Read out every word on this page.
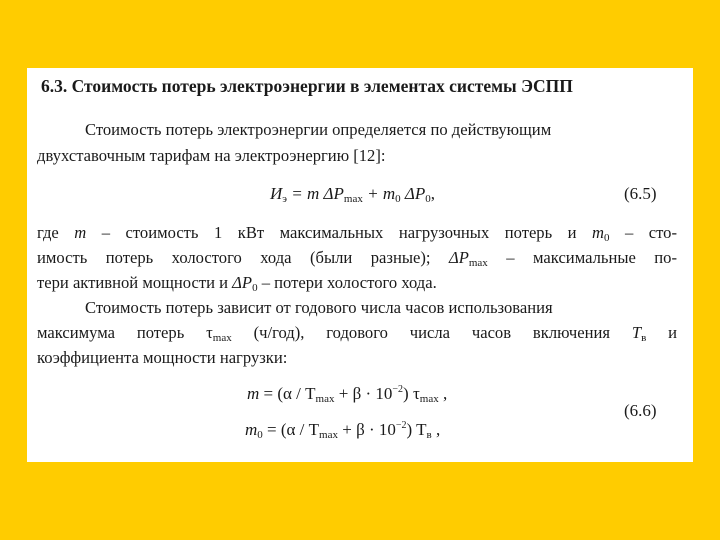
6.3. Стоимость потерь электроэнергии в элементах системы ЭСПП
Стоимость потерь электроэнергии определяется по действующим
двухставочным тарифам на электроэнергию [12]:
$И_э = m$ $\Delta P_{max} + m_0$ $\Delta P_0$,	(6.5)
где m – стоимость 1 кВт максимальных нагрузочных потерь и $m_0 - сто-$
имость потерь холостого хода (были разные); $\Delta P_{max}$ – максимальные по-
тери активной мощности и $\Delta P_0$ – потери холостого хода.
Стоимость потерь зависит от годового числа часов использования
максимума потерь $\tau_{max}$ (ч/год), годового числа часов включения $T_в$ и
коэффициента мощности нагрузки:
$m = (\alpha / T_{max} + \beta \cdot 10^{-2})$ $\tau_{max}$ ,
(6.6)
$m_0 = (\alpha / T_{max} + \beta \cdot 10^{-2})$ $T_в$ ,
